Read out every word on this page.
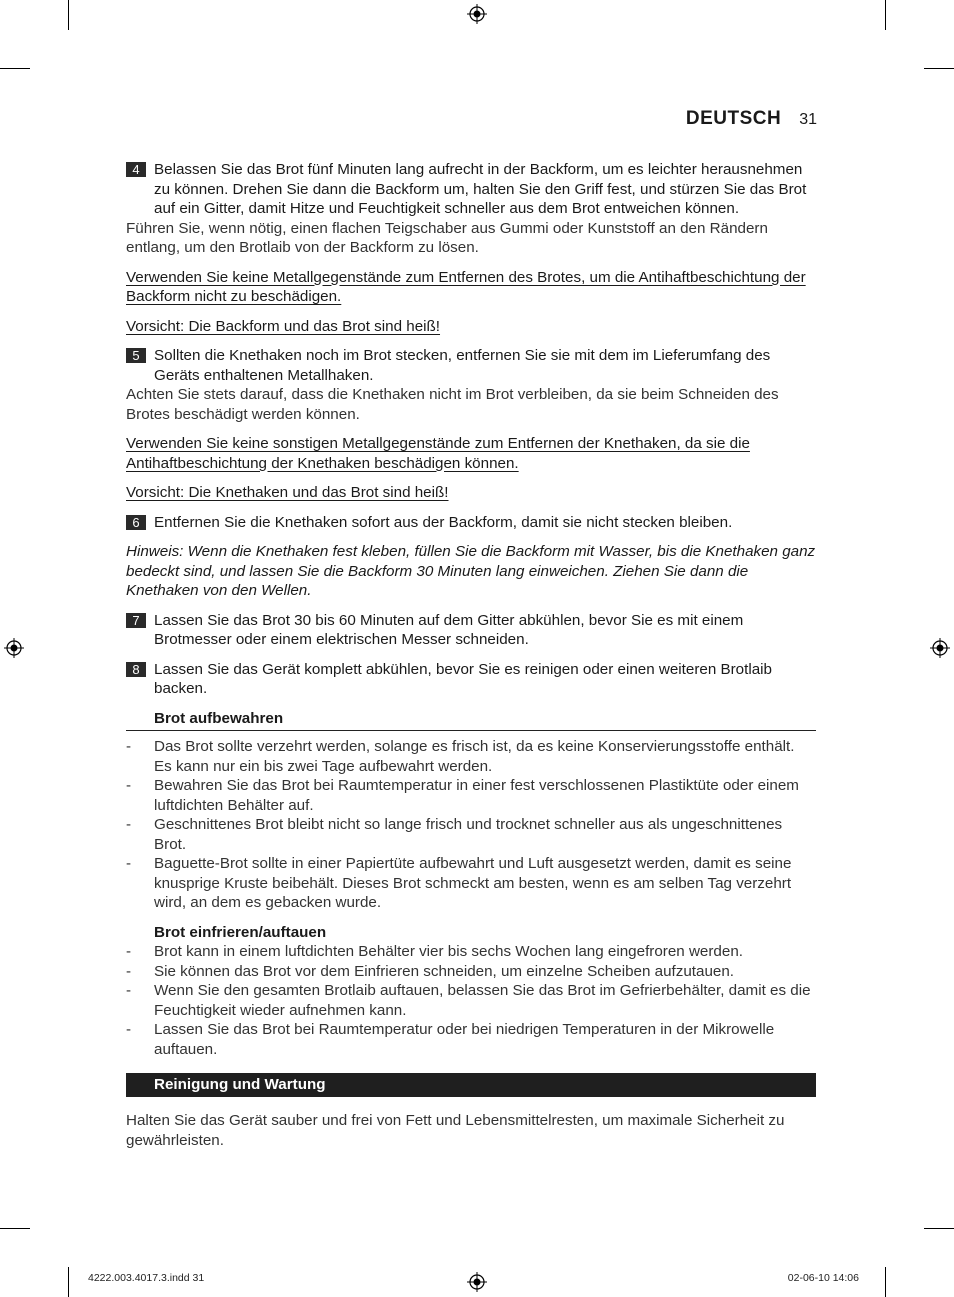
DEUTSCH 31
4 Belassen Sie das Brot fünf Minuten lang aufrecht in der Backform, um es leichter herausnehmen zu können. Drehen Sie dann die Backform um, halten Sie den Griff fest, und stürzen Sie das Brot auf ein Gitter, damit Hitze und Feuchtigkeit schneller aus dem Brot entweichen können.

Führen Sie, wenn nötig, einen flachen Teigschaber aus Gummi oder Kunststoff an den Rändern entlang, um den Brotlaib von der Backform zu lösen.

Verwenden Sie keine Metallgegenstände zum Entfernen des Brotes, um die Antihaftbeschichtung der Backform nicht zu beschädigen.

Vorsicht: Die Backform und das Brot sind heiß!

5 Sollten die Knethaken noch im Brot stecken, entfernen Sie sie mit dem im Lieferumfang des Geräts enthaltenen Metallhaken.

Achten Sie stets darauf, dass die Knethaken nicht im Brot verbleiben, da sie beim Schneiden des Brotes beschädigt werden können.

Verwenden Sie keine sonstigen Metallgegenstände zum Entfernen der Knethaken, da sie die Antihaftbeschichtung der Knethaken beschädigen können.

Vorsicht: Die Knethaken und das Brot sind heiß!

6 Entfernen Sie die Knethaken sofort aus der Backform, damit sie nicht stecken bleiben.

Hinweis: Wenn die Knethaken fest kleben, füllen Sie die Backform mit Wasser, bis die Knethaken ganz bedeckt sind, und lassen Sie die Backform 30 Minuten lang einweichen. Ziehen Sie dann die Knethaken von den Wellen.

7 Lassen Sie das Brot 30 bis 60 Minuten auf dem Gitter abkühlen, bevor Sie es mit einem Brotmesser oder einem elektrischen Messer schneiden.
8 Lassen Sie das Gerät komplett abkühlen, bevor Sie es reinigen oder einen weiteren Brotlaib backen.
Brot aufbewahren
- Das Brot sollte verzehrt werden, solange es frisch ist, da es keine Konservierungsstoffe enthält. Es kann nur ein bis zwei Tage aufbewahrt werden.
- Bewahren Sie das Brot bei Raumtemperatur in einer fest verschlossenen Plastiktüte oder einem luftdichten Behälter auf.
- Geschnittenes Brot bleibt nicht so lange frisch und trocknet schneller aus als ungeschnittenes Brot.
- Baguette-Brot sollte in einer Papiertüte aufbewahrt und Luft ausgesetzt werden, damit es seine knusprige Kruste beibehält. Dieses Brot schmeckt am besten, wenn es am selben Tag verzehrt wird, an dem es gebacken wurde.
Brot einfrieren/auftauen
- Brot kann in einem luftdichten Behälter vier bis sechs Wochen lang eingefroren werden.
- Sie können das Brot vor dem Einfrieren schneiden, um einzelne Scheiben aufzutauen.
- Wenn Sie den gesamten Brotlaib auftauen, belassen Sie das Brot im Gefrierbehälter, damit es die Feuchtigkeit wieder aufnehmen kann.
- Lassen Sie das Brot bei Raumtemperatur oder bei niedrigen Temperaturen in der Mikrowelle auftauen.
Reinigung und Wartung

Halten Sie das Gerät sauber und frei von Fett und Lebensmittelresten, um maximale Sicherheit zu gewährleisten.

4222.003.4017.3.indd 31	02-06-10 14:06
